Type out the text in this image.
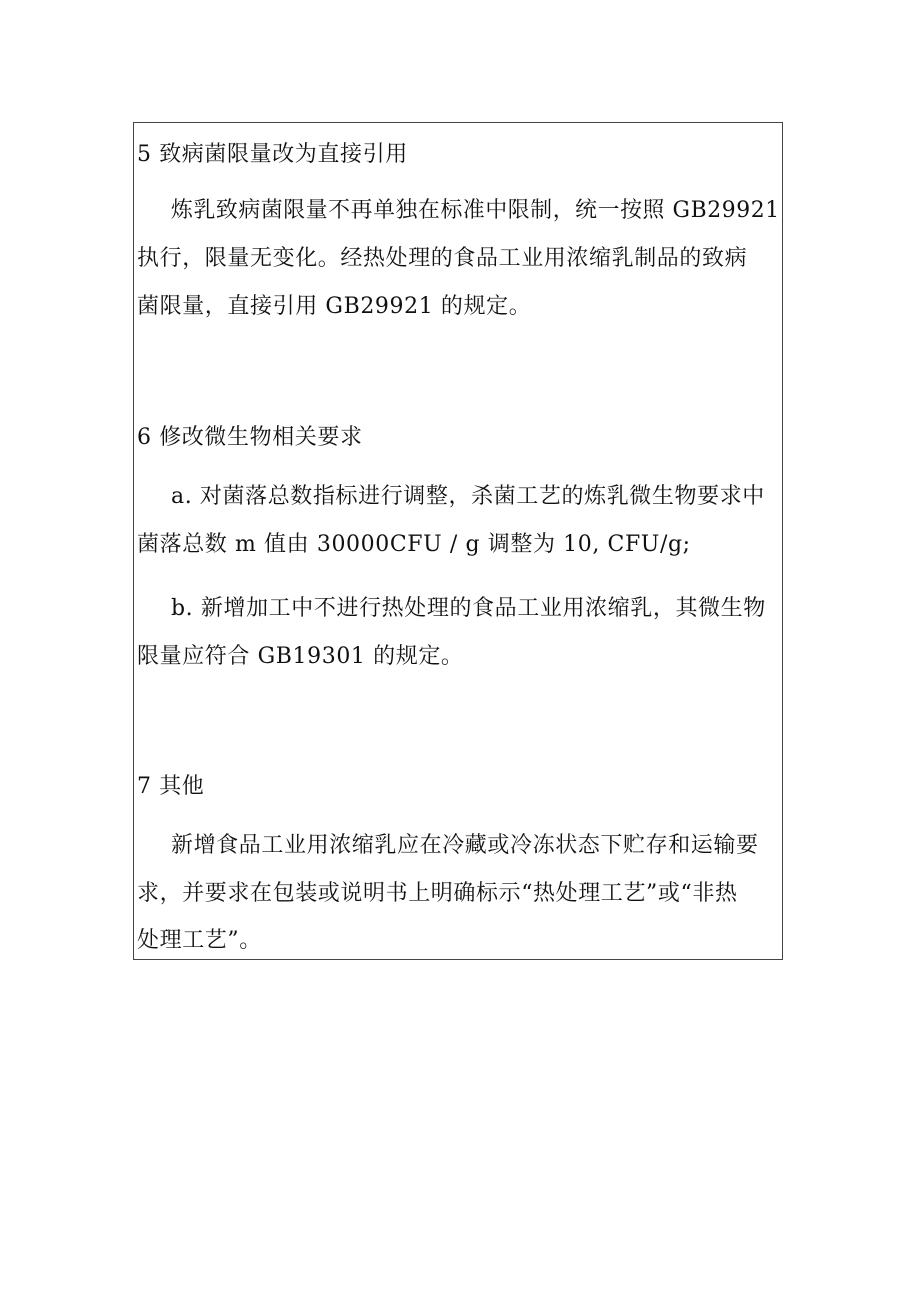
5 致病菌限量改为直接引用
炼乳致病菌限量不再单独在标准中限制，统一按照 GB29921
执行，限量无变化。经热处理的食品工业用浓缩乳制品的致病
菌限量，直接引用 GB29921 的规定。
6 修改微生物相关要求
a. 对菌落总数指标进行调整，杀菌工艺的炼乳微生物要求中
菌落总数 m 值由 30000CFU / g 调整为 10, CFU/g;
b. 新增加工中不进行热处理的食品工业用浓缩乳，其微生物
限量应符合 GB19301 的规定。
7 其他
新增食品工业用浓缩乳应在冷藏或冷冻状态下贮存和运输要
求，并要求在包装或说明书上明确标示“热处理工艺”或“非热
处理工艺”。
